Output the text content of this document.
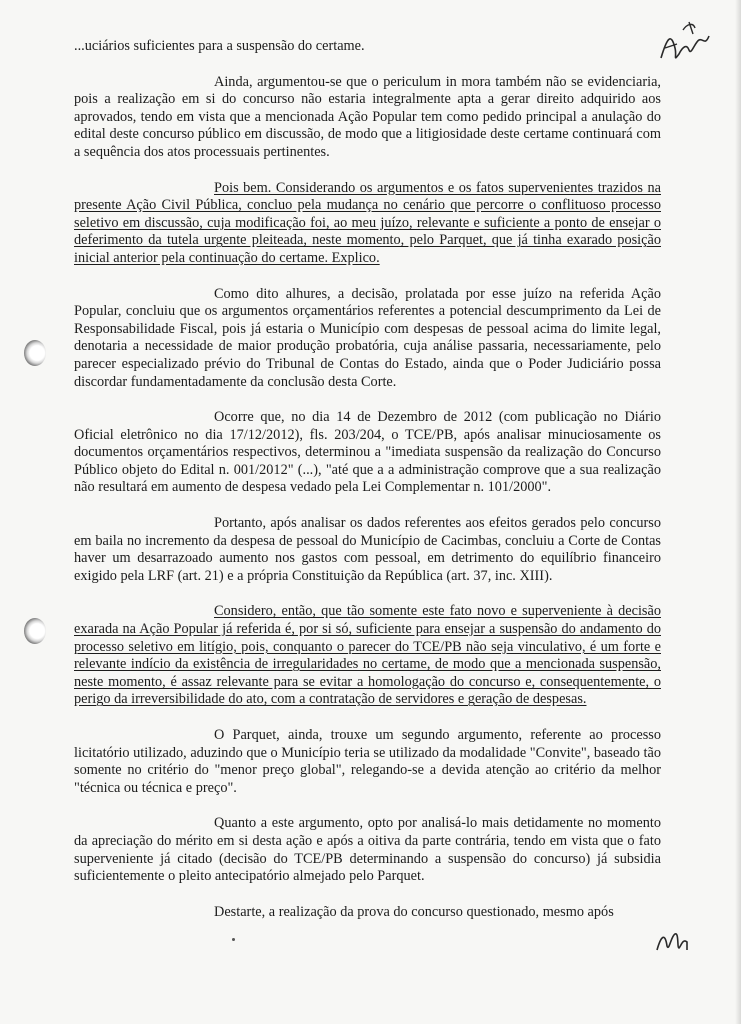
...uciários suficientes para a suspensão do certame.

Ainda, argumentou-se que o periculum in mora também não se evidenciaria, pois a realização em si do concurso não estaria integralmente apta a gerar direito adquirido aos aprovados, tendo em vista que a mencionada Ação Popular tem como pedido principal a anulação do edital deste concurso público em discussão, de modo que a litigiosidade deste certame continuará com a sequência dos atos processuais pertinentes.

Pois bem. Considerando os argumentos e os fatos supervenientes trazidos na presente Ação Civil Pública, concluo pela mudança no cenário que percorre o conflituoso processo seletivo em discussão, cuja modificação foi, ao meu juízo, relevante e suficiente a ponto de ensejar o deferimento da tutela urgente pleiteada, neste momento, pelo Parquet, que já tinha exarado posição inicial anterior pela continuação do certame. Explico.

Como dito alhures, a decisão, prolatada por esse juízo na referida Ação Popular, concluiu que os argumentos orçamentários referentes a potencial descumprimento da Lei de Responsabilidade Fiscal, pois já estaria o Município com despesas de pessoal acima do limite legal, denotaria a necessidade de maior produção probatória, cuja análise passaria, necessariamente, pelo parecer especializado prévio do Tribunal de Contas do Estado, ainda que o Poder Judiciário possa discordar fundamentadamente da conclusão desta Corte.

Ocorre que, no dia 14 de Dezembro de 2012 (com publicação no Diário Oficial eletrônico no dia 17/12/2012), fls. 203/204, o TCE/PB, após analisar minuciosamente os documentos orçamentários respectivos, determinou a "imediata suspensão da realização do Concurso Público objeto do Edital n. 001/2012" (...), "até que a a administração comprove que a sua realização não resultará em aumento de despesa vedado pela Lei Complementar n. 101/2000".

Portanto, após analisar os dados referentes aos efeitos gerados pelo concurso em baila no incremento da despesa de pessoal do Município de Cacimbas, concluiu a Corte de Contas haver um desarrazoado aumento nos gastos com pessoal, em detrimento do equilíbrio financeiro exigido pela LRF (art. 21) e a própria Constituição da República (art. 37, inc. XIII).

Considero, então, que tão somente este fato novo e superveniente à decisão exarada na Ação Popular já referida é, por si só, suficiente para ensejar a suspensão do andamento do processo seletivo em litígio, pois, conquanto o parecer do TCE/PB não seja vinculativo, é um forte e relevante indício da existência de irregularidades no certame, de modo que a mencionada suspensão, neste momento, é assaz relevante para se evitar a homologação do concurso e, consequentemente, o perigo da irreversibilidade do ato, com a contratação de servidores e geração de despesas.

O Parquet, ainda, trouxe um segundo argumento, referente ao processo licitatório utilizado, aduzindo que o Município teria se utilizado da modalidade "Convite", baseado tão somente no critério do "menor preço global", relegando-se a devida atenção ao critério da melhor "técnica ou técnica e preço".

Quanto a este argumento, opto por analisá-lo mais detidamente no momento da apreciação do mérito em si desta ação e após a oitiva da parte contrária, tendo em vista que o fato superveniente já citado (decisão do TCE/PB determinando a suspensão do concurso) já subsidia suficientemente o pleito antecipatório almejado pelo Parquet.

Destarte, a realização da prova do concurso questionado, mesmo após
